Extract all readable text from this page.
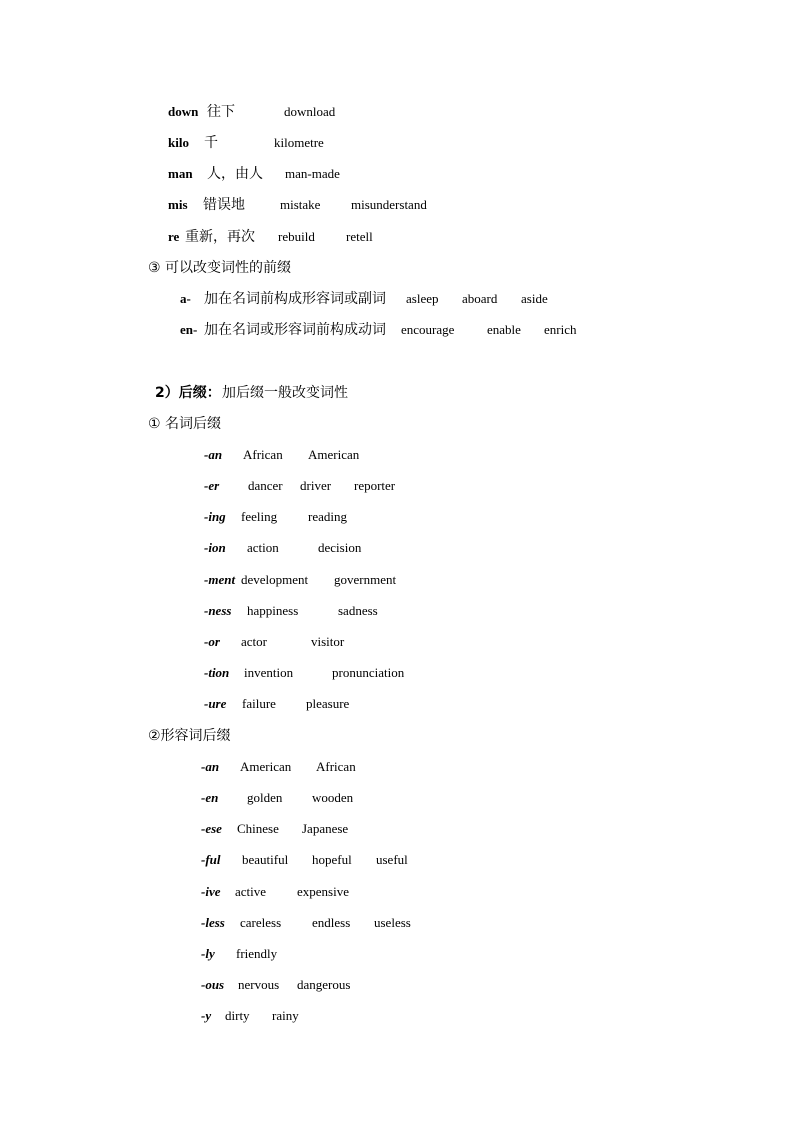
down 往下	download
kilo 千	kilometre
man 人，由人 man-made
mis 错误地	mistake misunderstand
re 重新，再次 rebuild retell
③ 可以改变词性的前缀
a- 加在名词前构成形容词或副词 asleep aboard aside
en- 加在名词或形容词前构成动词 encourage	enable enrich
2）后缀： 加后缀一般改变词性
① 名词后缀
-an African American
-er dancer driver reporter
-ing feeling reading
-ion action	decision
-ment development government
-ness happiness	sadness
-or actor	visitor
-tion invention	pronunciation
-ure failure pleasure
②形容词后缀
-an American African
-en golden wooden
-ese Chinese Japanese
-ful beautiful hopeful useful
-ive active expensive
-less careless endless useless
-ly friendly
-ous nervous dangerous
-y dirty rainy
